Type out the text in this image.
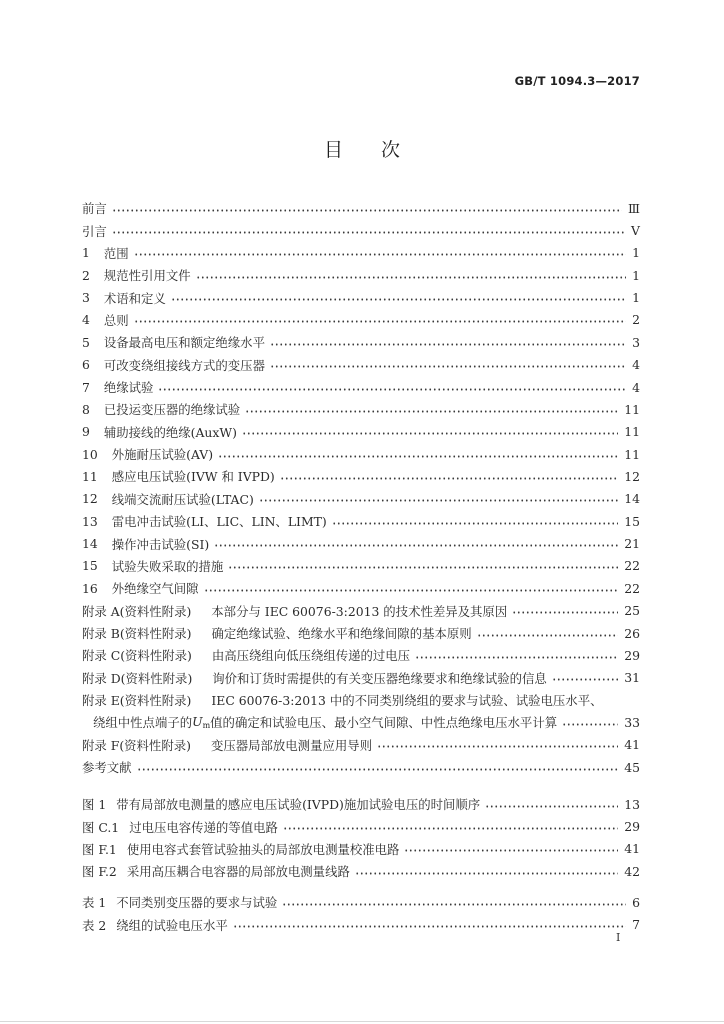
GB/T 1094.3—2017
目　　次
前言	Ⅲ
引言	Ⅴ
1 范围	1
2 规范性引用文件	1
3 术语和定义	1
4 总则	2
5 设备最高电压和额定绝缘水平	3
6 可改变绕组接线方式的变压器	4
7 绝缘试验	4
8 已投运变压器的绝缘试验	11
9 辅助接线的绝缘(AuxW)	11
10 外施耐压试验(AV)	11
11 感应电压试验(IVW 和 IVPD)	12
12 线端交流耐压试验(LTAC)	14
13 雷电冲击试验(LI、LIC、LIN、LIMT)	15
14 操作冲击试验(SI)	21
15 试验失败采取的措施	22
16 外绝缘空气间隙	22
附录 A(资料性附录) 本部分与 IEC 60076-3:2013 的技术性差异及其原因	25
附录 B(资料性附录) 确定绝缘试验、绝缘水平和绝缘间隙的基本原则	26
附录 C(资料性附录) 由高压绕组向低压绕组传递的过电压	29
附录 D(资料性附录) 询价和订货时需提供的有关变压器绝缘要求和绝缘试验的信息	31
附录 E(资料性附录) IEC 60076-3:2013 中的不同类别绕组的要求与试验、试验电压水平、
绕组中性点端子的 $U_m$ 值的确定和试验电压、最小空气间隙、中性点绝缘电压水平计算	33
附录 F(资料性附录) 变压器局部放电测量应用导则	41
参考文献	45
图 1 带有局部放电测量的感应电压试验(IVPD)施加试验电压的时间顺序	13
图 C.1 过电压电容传递的等值电路	29
图 F.1 使用电容式套管试验抽头的局部放电测量校准电路	41
图 F.2 采用高压耦合电容器的局部放电测量线路	42
表 1 不同类别变压器的要求与试验	6
表 2 绕组的试验电压水平	7
Ⅰ
